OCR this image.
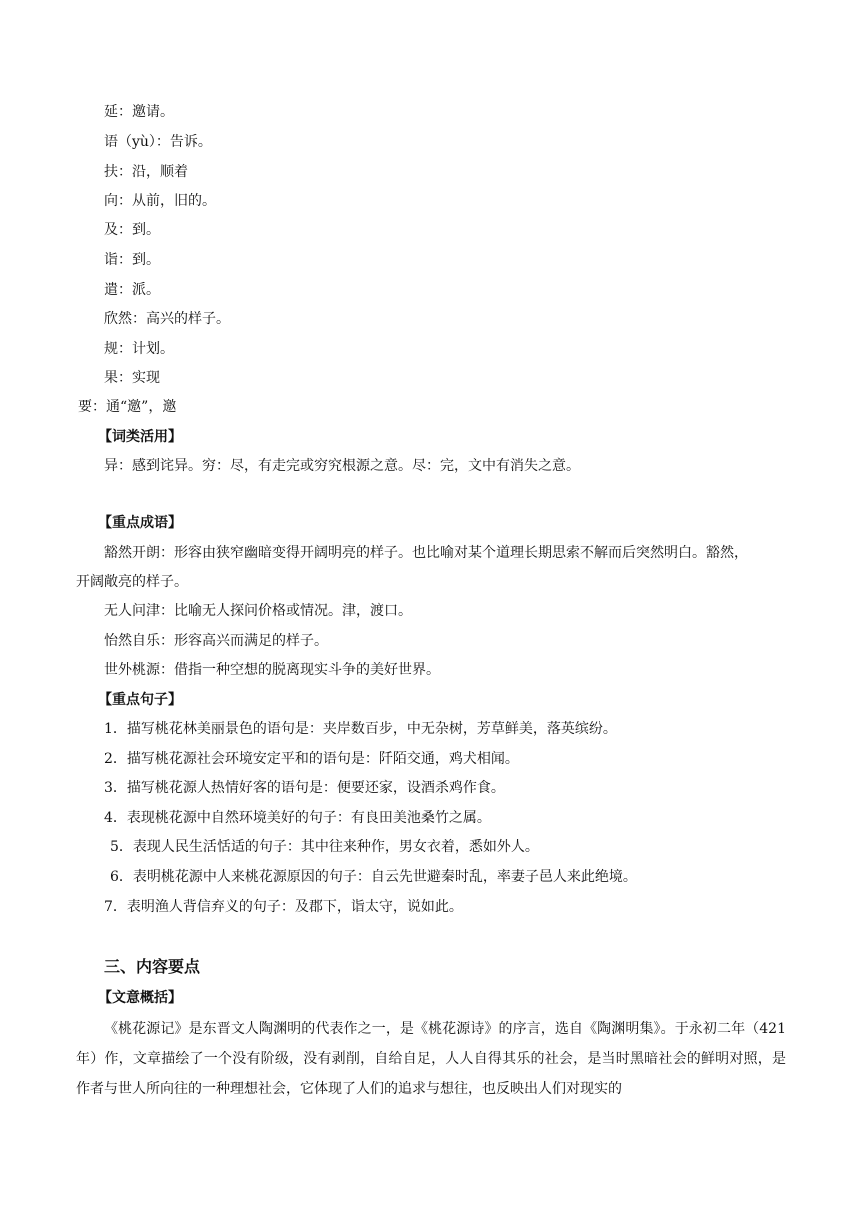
延：邀请。
语（yù）：告诉。
扶：沿，顺着
向：从前，旧的。
及：到。
诣：到。
遣：派。
欣然：高兴的样子。
规：计划。
果：实现
要：通“邀”，邀
【词类活用】
异：感到诧异。穷：尽，有走完或穷究根源之意。尽：完，文中有消失之意。
【重点成语】
豁然开朗：形容由狭窄幽暗变得开阔明亮的样子。也比喻对某个道理长期思索不解而后突然明白。豁然，
开阔敞亮的样子。
无人问津：比喻无人探问价格或情况。津，渡口。
怡然自乐：形容高兴而满足的样子。
世外桃源：借指一种空想的脱离现实斗争的美好世界。
【重点句子】
1．描写桃花林美丽景色的语句是：夹岸数百步，中无杂树，芳草鲜美，落英缤纷。
2．描写桃花源社会环境安定平和的语句是：阡陌交通，鸡犬相闻。
3．描写桃花源人热情好客的语句是：便要还家，设酒杀鸡作食。
4．表现桃花源中自然环境美好的句子：有良田美池桑竹之属。
5．表现人民生活恬适的句子：其中往来种作，男女衣着，悉如外人。
6．表明桃花源中人来桃花源原因的句子：自云先世避秦时乱，率妻子邑人来此绝境。
7．表明渔人背信弃义的句子：及郡下，诣太守，说如此。
三、内容要点
【文意概括】
《桃花源记》是东晋文人陶渊明的代表作之一，是《桃花源诗》的序言，选自《陶渊明集》。于永初二年（421年）作，文章描绘了一个没有阶级，没有剥削，自给自足，人人自得其乐的社会，是当时黑暗社会的鲜明对照，是作者与世人所向往的一种理想社会，它体现了人们的追求与想往，也反映出人们对现实的
